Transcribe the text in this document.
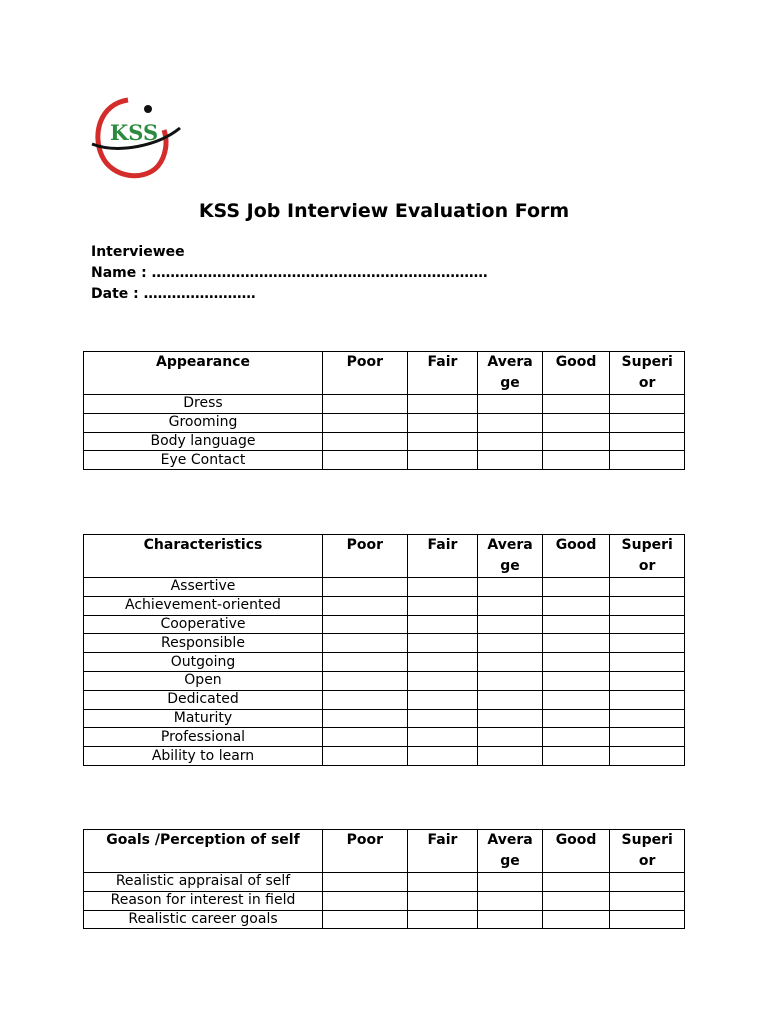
KSS
KSS Job Interview Evaluation Form
Interviewee
Name : ………………………………………………………………
Date : ……………………
Appearance	Poor	Fair	Avera ge	Good	Superi or
Dress					
Grooming					
Body language					
Eye Contact					
Characteristics	Poor	Fair	Avera ge	Good	Superi or
Assertive					
Achievement-oriented					
Cooperative					
Responsible					
Outgoing					
Open					
Dedicated					
Maturity					
Professional					
Ability to learn					
Goals /Perception of self	Poor	Fair	Avera ge	Good	Superi or
Realistic appraisal of self					
Reason for interest in field					
Realistic career goals					
